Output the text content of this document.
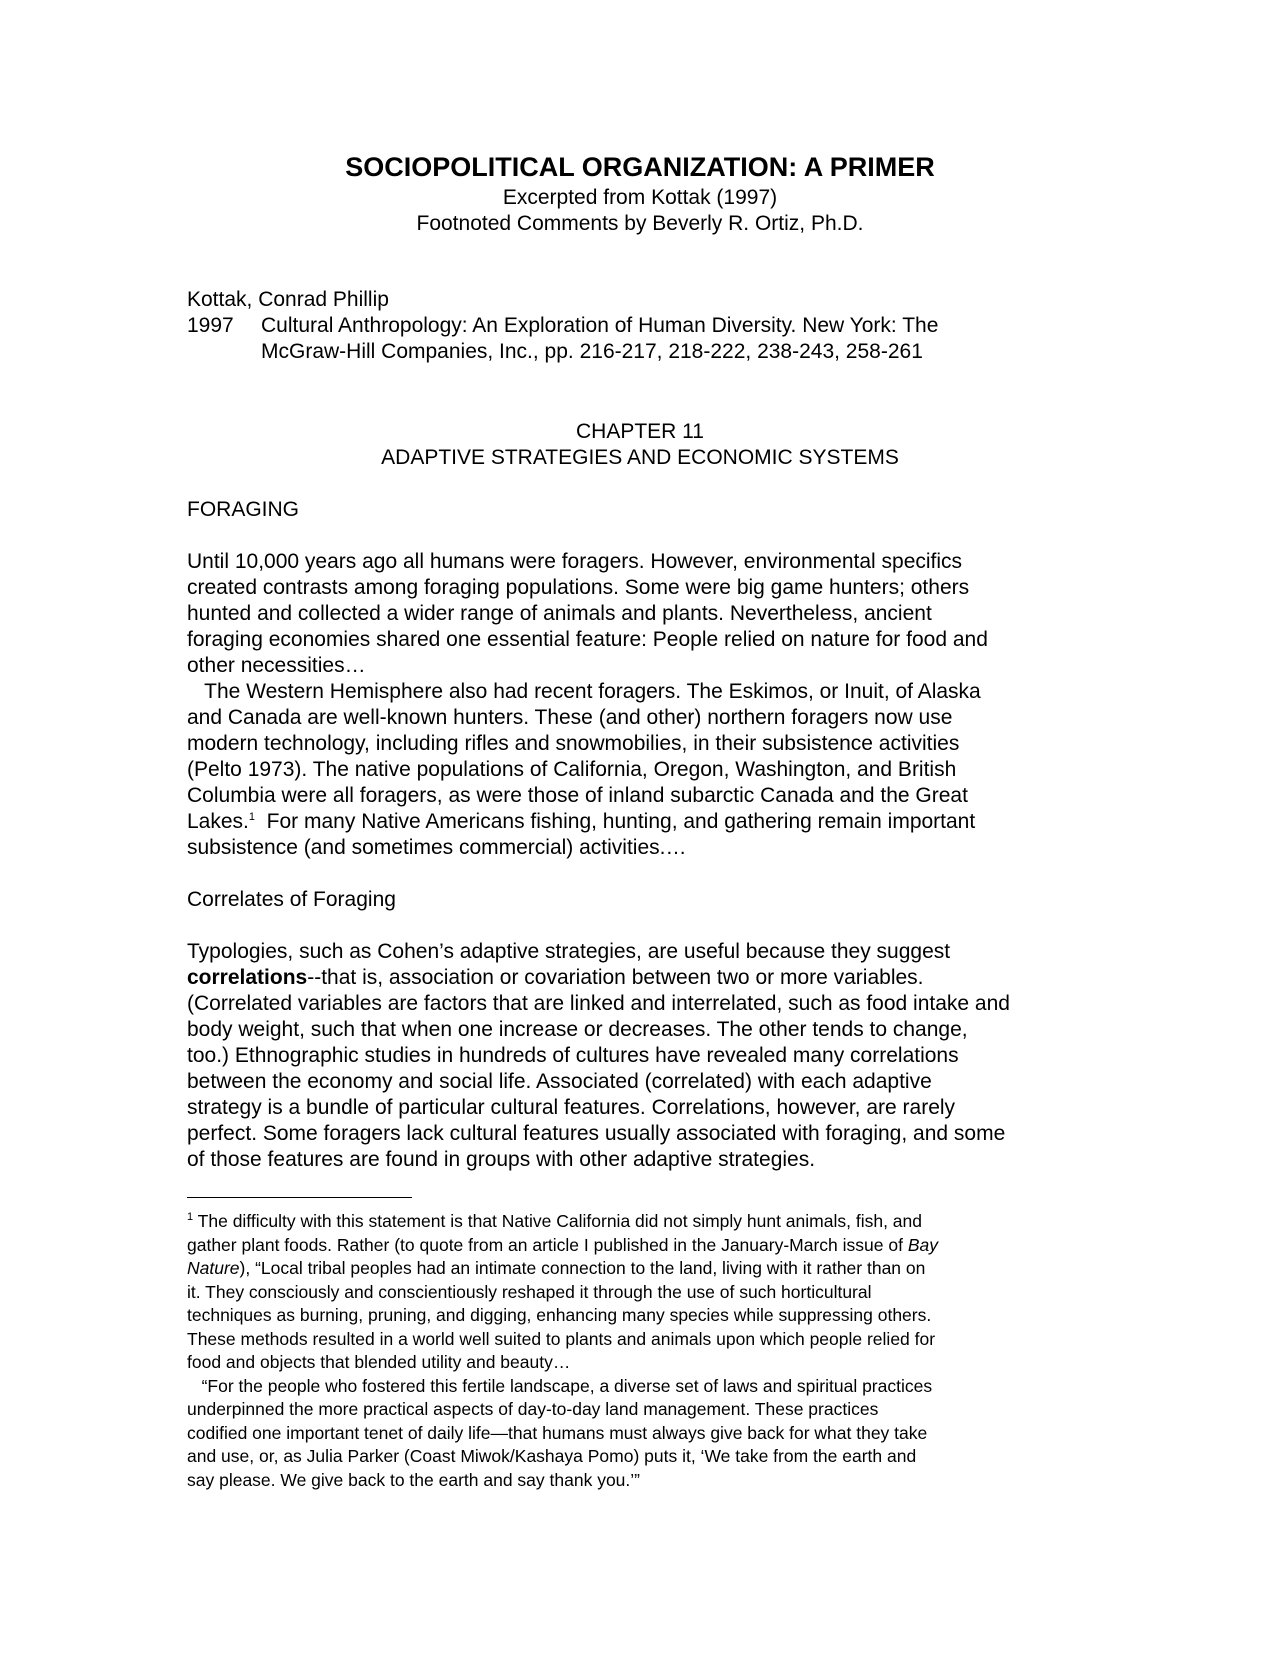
SOCIOPOLITICAL ORGANIZATION: A PRIMER
Excerpted from Kottak (1997)
Footnoted Comments by Beverly R. Ortiz, Ph.D.
Kottak, Conrad Phillip
1997 Cultural Anthropology: An Exploration of Human Diversity. New York: The
McGraw-Hill Companies, Inc., pp. 216-217, 218-222, 238-243, 258-261
CHAPTER 11
ADAPTIVE STRATEGIES AND ECONOMIC SYSTEMS
FORAGING
Until 10,000 years ago all humans were foragers. However, environmental specifics
created contrasts among foraging populations. Some were big game hunters; others
hunted and collected a wider range of animals and plants. Nevertheless, ancient
foraging economies shared one essential feature: People relied on nature for food and
other necessities…
The Western Hemisphere also had recent foragers. The Eskimos, or Inuit, of Alaska
and Canada are well-known hunters. These (and other) northern foragers now use
modern technology, including rifles and snowmobilies, in their subsistence activities
(Pelto 1973). The native populations of California, Oregon, Washington, and British
Columbia were all foragers, as were those of inland subarctic Canada and the Great
Lakes.$^1$  For many Native Americans fishing, hunting, and gathering remain important
subsistence (and sometimes commercial) activities.…
Correlates of Foraging
Typologies, such as Cohen’s adaptive strategies, are useful because they suggest
correlations--that is, association or covariation between two or more variables.
(Correlated variables are factors that are linked and interrelated, such as food intake and
body weight, such that when one increase or decreases. The other tends to change,
too.) Ethnographic studies in hundreds of cultures have revealed many correlations
between the economy and social life. Associated (correlated) with each adaptive
strategy is a bundle of particular cultural features. Correlations, however, are rarely
perfect. Some foragers lack cultural features usually associated with foraging, and some
of those features are found in groups with other adaptive strategies.
$^1$ The difficulty with this statement is that Native California did not simply hunt animals, fish, and
gather plant foods. Rather (to quote from an article I published in the January-March issue of Bay
Nature), “Local tribal peoples had an intimate connection to the land, living with it rather than on
it. They consciously and conscientiously reshaped it through the use of such horticultural
techniques as burning, pruning, and digging, enhancing many species while suppressing others.
These methods resulted in a world well suited to plants and animals upon which people relied for
food and objects that blended utility and beauty…
“For the people who fostered this fertile landscape, a diverse set of laws and spiritual practices
underpinned the more practical aspects of day-to-day land management. These practices
codified one important tenet of daily life—that humans must always give back for what they take
and use, or, as Julia Parker (Coast Miwok/Kashaya Pomo) puts it, ‘We take from the earth and
say please. We give back to the earth and say thank you.’”
